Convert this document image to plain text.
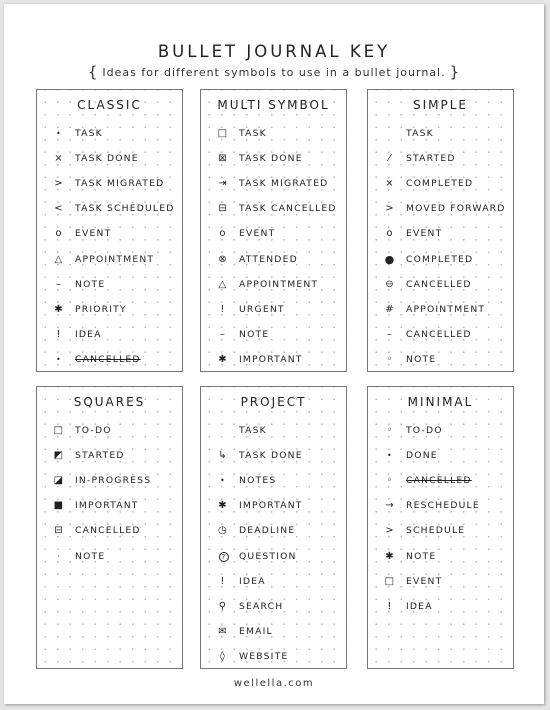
BULLET JOURNAL KEY
{ Ideas for different symbols to use in a bullet journal. }
CLASSIC
•	TASK
×	TASK DONE
>	TASK MIGRATED
<	TASK SCHEDULED
o	EVENT
△	APPOINTMENT
–	NOTE
✱	PRIORITY
!	IDEA
•	CANCELLED
MULTI SYMBOL
□ TASK
⊠	TASK DONE
⇥	TASK MIGRATED
⊟	TASK CANCELLED
o	EVENT
⊗	ATTENDED
△	APPOINTMENT
!	URGENT
–	NOTE
✱	IMPORTANT
SIMPLE
TASK
⁄	STARTED
×	COMPLETED
>	MOVED FORWARD
o	EVENT
● COMPLETED
⊖	CANCELLED
#	APPOINTMENT
–	CANCELLED
◦	NOTE
SQUARES
□ TO-DO
◩ STARTED
◪ IN-PROGRESS
■ IMPORTANT
⊟	CANCELLED
·	NOTE
PROJECT
TASK
↳	TASK DONE
•	NOTES
✱	IMPORTANT
◷	DEADLINE
? QUESTION
!	IDEA
⚲	SEARCH
✉	EMAIL
◊	WEBSITE
MINIMAL
◦	TO-DO
•	DONE
◦	CANCELLED
→	RESCHEDULE
>	SCHEDULE
✱	NOTE
□ EVENT
!	IDEA
wellella.com
